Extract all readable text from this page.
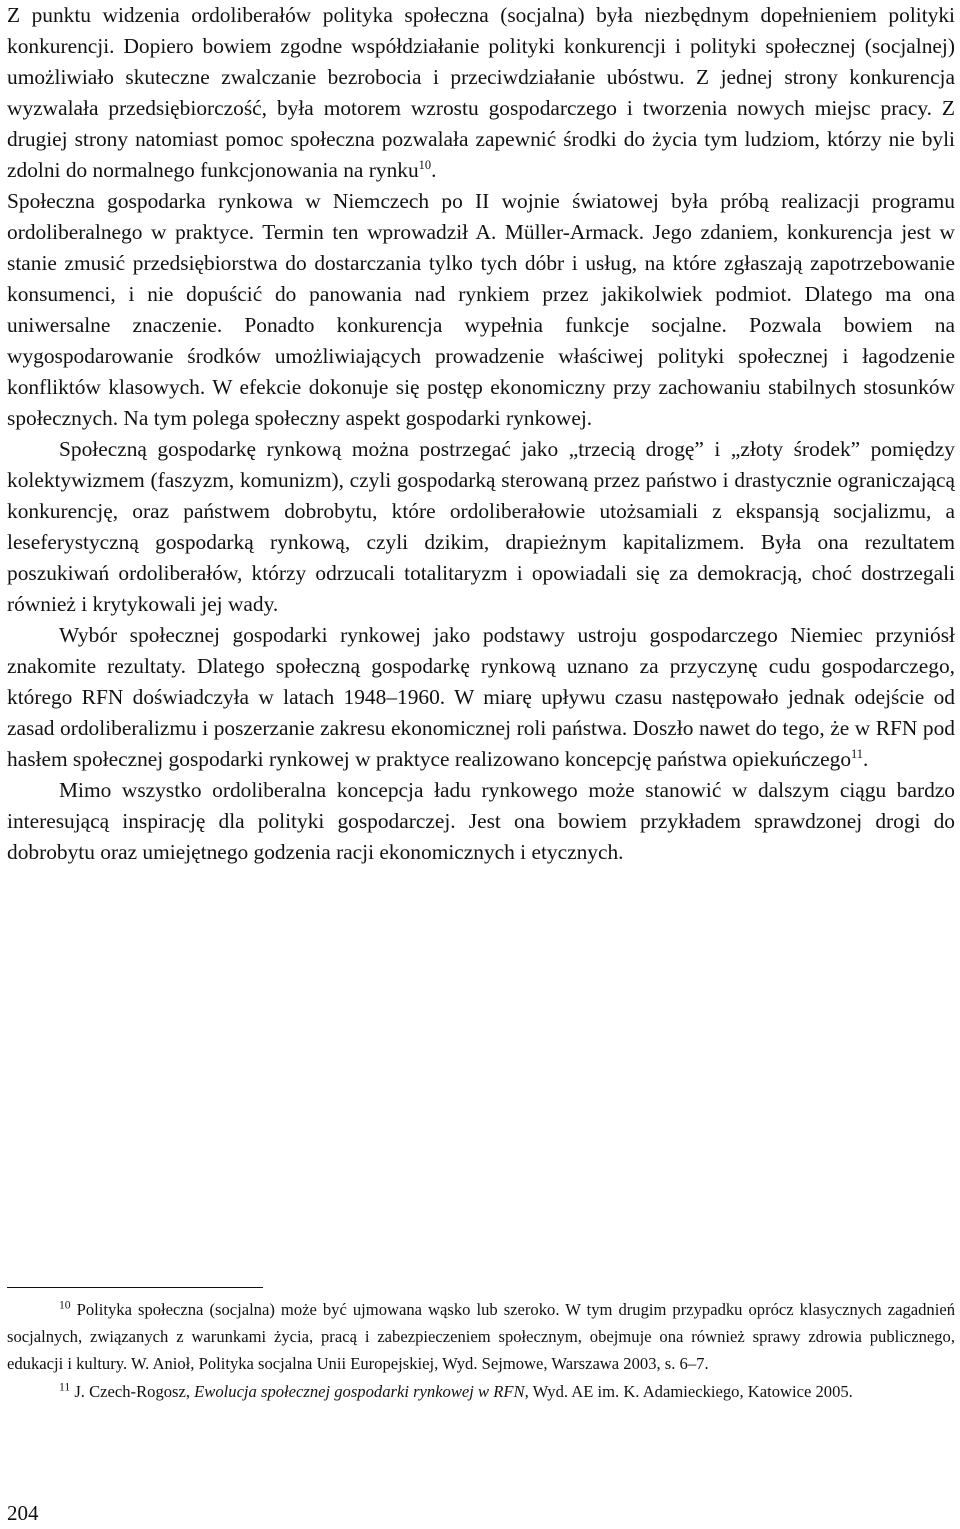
Z punktu widzenia ordoliberałów polityka społeczna (socjalna) była niezbędnym dopełnieniem polityki konkurencji. Dopiero bowiem zgodne współdziałanie polityki konkurencji i polityki społecznej (socjalnej) umożliwiało skuteczne zwalczanie bezrobocia i przeciwdziałanie ubóstwu. Z jednej strony konkurencja wyzwalała przedsiębiorczość, była motorem wzrostu gospodarczego i tworzenia nowych miejsc pracy. Z drugiej strony natomiast pomoc społeczna pozwalała zapewnić środki do życia tym ludziom, którzy nie byli zdolni do normalnego funkcjonowania na rynku$^{10}$.

Społeczna gospodarka rynkowa w Niemczech po II wojnie światowej była próbą realizacji programu ordoliberalnego w praktyce. Termin ten wprowadził A. Müller-Armack. Jego zdaniem, konkurencja jest w stanie zmusić przedsiębiorstwa do dostarczania tylko tych dóbr i usług, na które zgłaszają zapotrzebowanie konsumenci, i nie dopuścić do panowania nad rynkiem przez jakikolwiek podmiot. Dlatego ma ona uniwersalne znaczenie. Ponadto konkurencja wypełnia funkcje socjalne. Pozwala bowiem na wygospodarowanie środków umożliwiających prowadzenie właściwej polityki społecznej i łagodzenie konfliktów klasowych. W efekcie dokonuje się postęp ekonomiczny przy zachowaniu stabilnych stosunków społecznych. Na tym polega społeczny aspekt gospodarki rynkowej.

Społeczną gospodarkę rynkową można postrzegać jako „trzecią drogę” i „złoty środek” pomiędzy kolektywizmem (faszyzm, komunizm), czyli gospodarką sterowaną przez państwo i drastycznie ograniczającą konkurencję, oraz państwem dobrobytu, które ordoliberałowie utożsamiali z ekspansją socjalizmu, a leseferystyczną gospodarką rynkową, czyli dzikim, drapieżnym kapitalizmem. Była ona rezultatem poszukiwań ordoliberałów, którzy odrzucali totalitaryzm i opowiadali się za demokracją, choć dostrzegali również i krytykowali jej wady.

Wybór społecznej gospodarki rynkowej jako podstawy ustroju gospodarczego Niemiec przyniósł znakomite rezultaty. Dlatego społeczną gospodarkę rynkową uznano za przyczynę cudu gospodarczego, którego RFN doświadczyła w latach 1948–1960. W miarę upływu czasu następowało jednak odejście od zasad ordoliberalizmu i poszerzanie zakresu ekonomicznej roli państwa. Doszło nawet do tego, że w RFN pod hasłem społecznej gospodarki rynkowej w praktyce realizowano koncepcję państwa opiekuńczego$^{11}$.

Mimo wszystko ordoliberalna koncepcja ładu rynkowego może stanowić w dalszym ciągu bardzo interesującą inspirację dla polityki gospodarczej. Jest ona bowiem przykładem sprawdzonej drogi do dobrobytu oraz umiejętnego godzenia racji ekonomicznych i etycznych.

$^{10}$ Polityka społeczna (socjalna) może być ujmowana wąsko lub szeroko. W tym drugim przypadku oprócz klasycznych zagadnień socjalnych, związanych z warunkami życia, pracą i zabezpieczeniem społecznym, obejmuje ona również sprawy zdrowia publicznego, edukacji i kultury. W. Anioł, Polityka socjalna Unii Europejskiej, Wyd. Sejmowe, Warszawa 2003, s. 6–7.

$^{11}$ J. Czech-Rogosz, Ewolucja społecznej gospodarki rynkowej w RFN, Wyd. AE im. K. Adamieckiego, Katowice 2005.

204
